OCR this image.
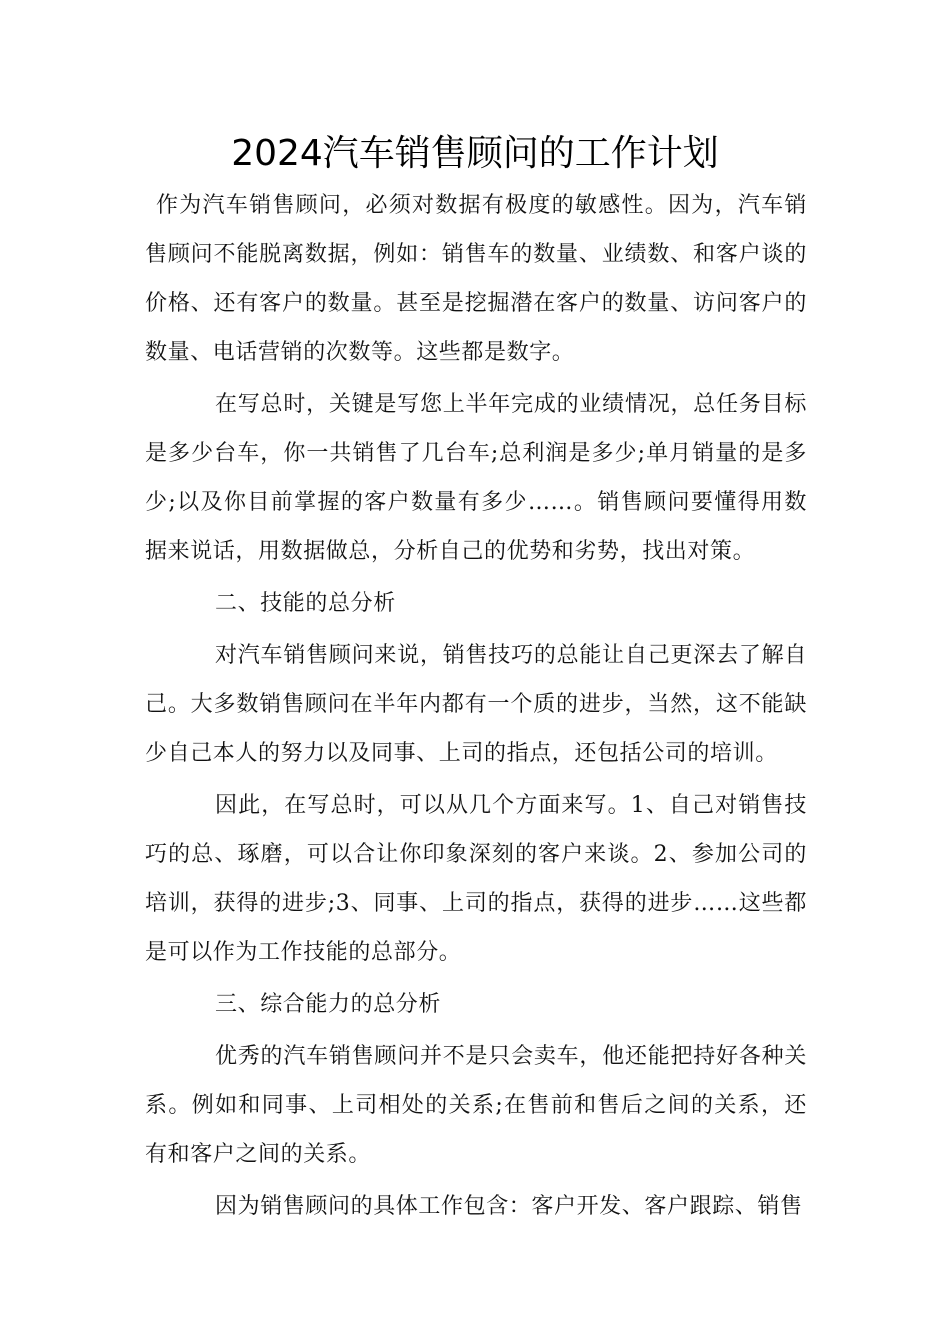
2024汽车销售顾问的工作计划

作为汽车销售顾问，必须对数据有极度的敏感性。因为，汽车销售顾问不能脱离数据，例如：销售车的数量、业绩数、和客户谈的价格、还有客户的数量。甚至是挖掘潜在客户的数量、访问客户的数量、电话营销的次数等。这些都是数字。

在写总时，关键是写您上半年完成的业绩情况，总任务目标是多少台车，你一共销售了几台车;总利润是多少;单月销量的是多少;以及你目前掌握的客户数量有多少……。销售顾问要懂得用数据来说话，用数据做总，分析自己的优势和劣势，找出对策。

二、技能的总分析

对汽车销售顾问来说，销售技巧的总能让自己更深去了解自己。大多数销售顾问在半年内都有一个质的进步，当然，这不能缺少自己本人的努力以及同事、上司的指点，还包括公司的培训。

因此，在写总时，可以从几个方面来写。1、自己对销售技巧的总、琢磨，可以合让你印象深刻的客户来谈。2、参加公司的培训，获得的进步;3、同事、上司的指点，获得的进步……这些都是可以作为工作技能的总部分。

三、综合能力的总分析

优秀的汽车销售顾问并不是只会卖车，他还能把持好各种关系。例如和同事、上司相处的关系;在售前和售后之间的关系，还有和客户之间的关系。

因为销售顾问的具体工作包含：客户开发、客户跟踪、销售
